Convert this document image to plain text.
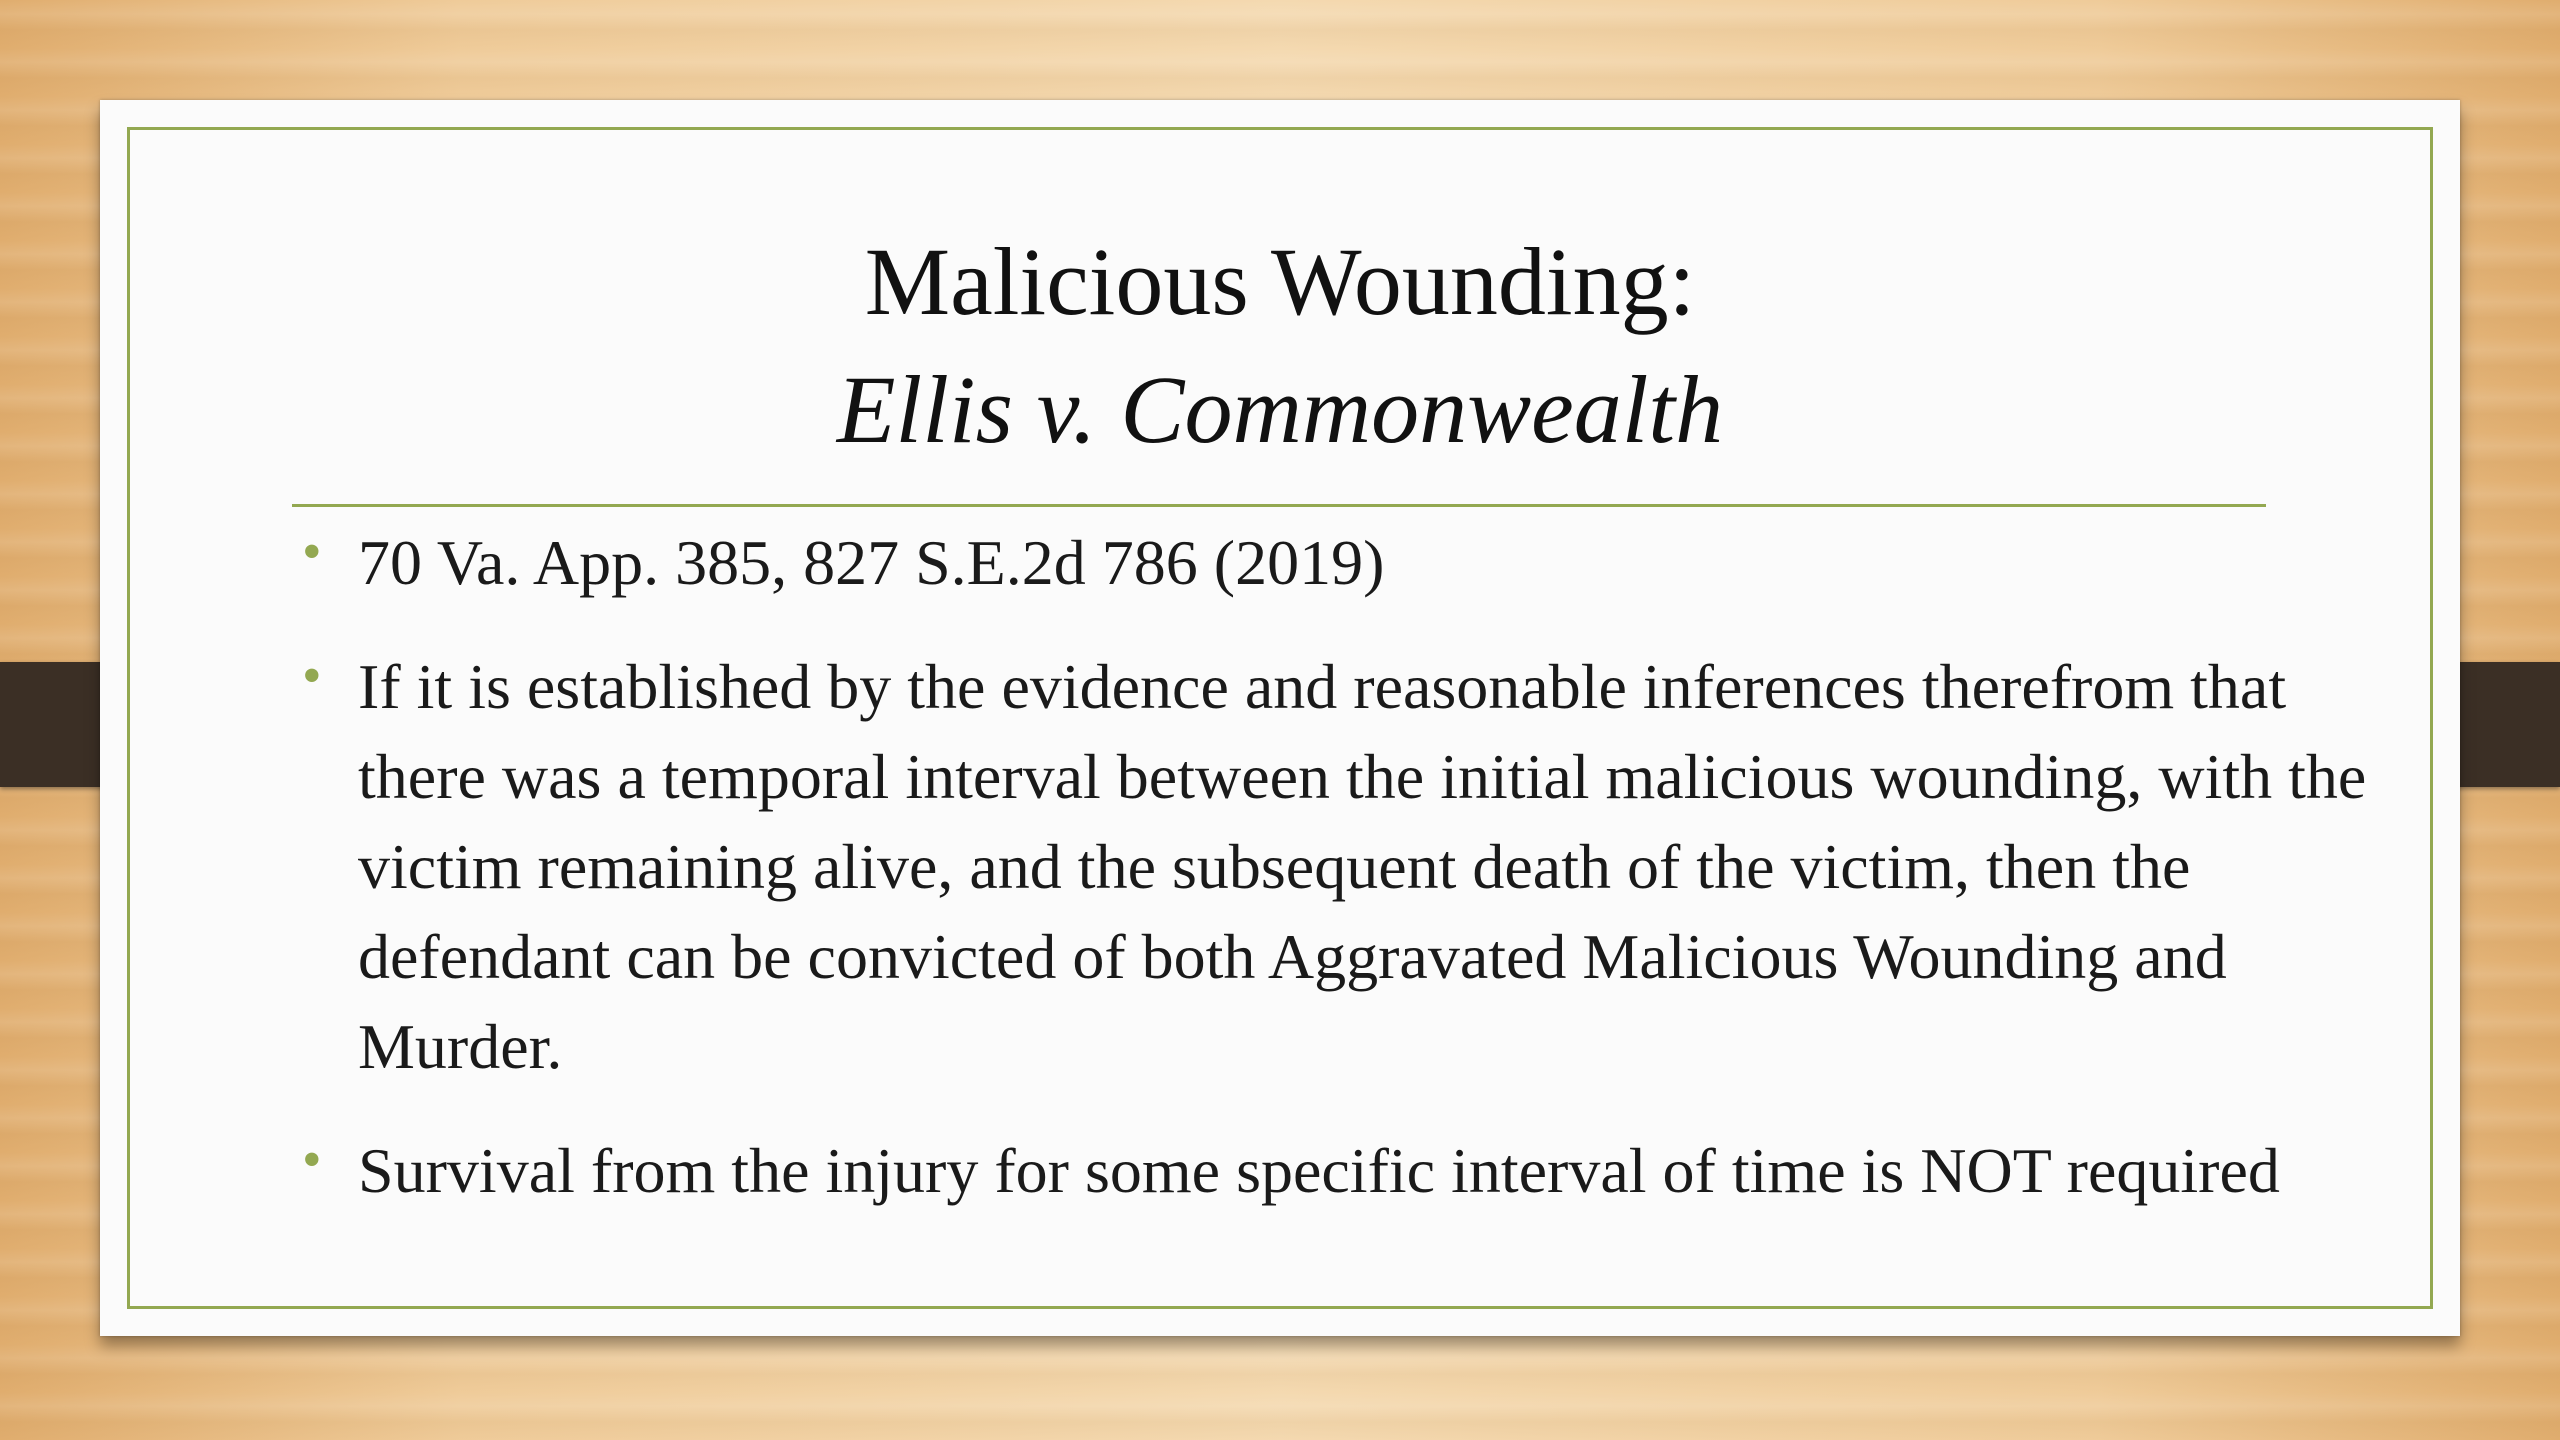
Malicious Wounding:
Ellis v. Commonwealth
• 70 Va. App. 385, 827 S.E.2d 786 (2019)
• If it is established by the evidence and reasonable inferences therefrom that there was a temporal interval between the initial malicious wounding, with the victim remaining alive, and the subsequent death of the victim, then the defendant can be convicted of both Aggravated Malicious Wounding and Murder.
• Survival from the injury for some specific interval of time is NOT required
